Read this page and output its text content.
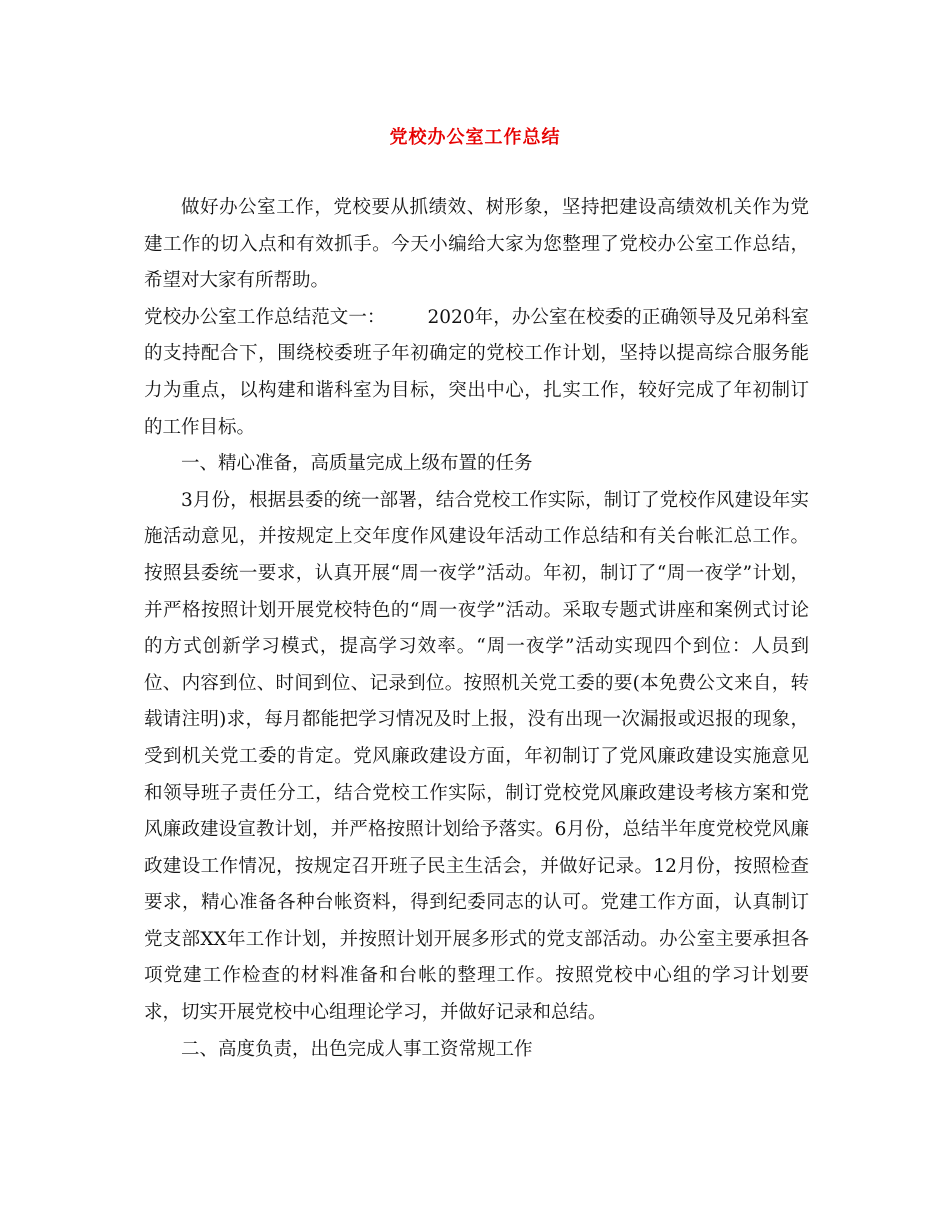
党校办公室工作总结

做好办公室工作，党校要从抓绩效、树形象，坚持把建设高绩效机关作为党建工作的切入点和有效抓手。今天小编给大家为您整理了党校办公室工作总结，希望对大家有所帮助。

党校办公室工作总结范文一： 2020年，办公室在校委的正确领导及兄弟科室的支持配合下，围绕校委班子年初确定的党校工作计划，坚持以提高综合服务能力为重点，以构建和谐科室为目标，突出中心，扎实工作，较好完成了年初制订的工作目标。

一、精心准备，高质量完成上级布置的任务

3月份，根据县委的统一部署，结合党校工作实际，制订了党校作风建设年实施活动意见，并按规定上交年度作风建设年活动工作总结和有关台帐汇总工作。按照县委统一要求，认真开展“周一夜学”活动。年初，制订了“周一夜学”计划，并严格按照计划开展党校特色的“周一夜学”活动。采取专题式讲座和案例式讨论的方式创新学习模式，提高学习效率。“周一夜学”活动实现四个到位：人员到位、内容到位、时间到位、记录到位。按照机关党工委的要(本免费公文来自，转载请注明)求，每月都能把学习情况及时上报，没有出现一次漏报或迟报的现象，受到机关党工委的肯定。党风廉政建设方面，年初制订了党风廉政建设实施意见和领导班子责任分工，结合党校工作实际，制订党校党风廉政建设考核方案和党风廉政建设宣教计划，并严格按照计划给予落实。6月份，总结半年度党校党风廉政建设工作情况，按规定召开班子民主生活会，并做好记录。12月份，按照检查要求，精心准备各种台帐资料，得到纪委同志的认可。党建工作方面，认真制订党支部XX年工作计划，并按照计划开展多形式的党支部活动。办公室主要承担各项党建工作检查的材料准备和台帐的整理工作。按照党校中心组的学习计划要求，切实开展党校中心组理论学习，并做好记录和总结。

二、高度负责，出色完成人事工资常规工作
